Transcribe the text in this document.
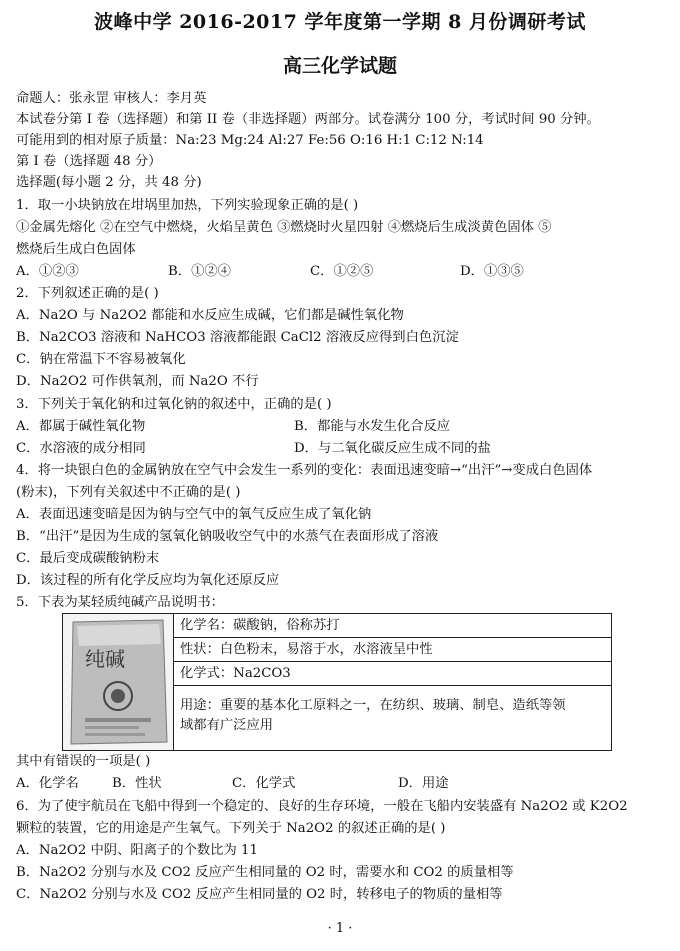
波峰中学 2016-2017 学年度第一学期 8 月份调研考试
高三化学试题
命题人：张永罡 审核人：李月英
本试卷分第 I 卷（选择题）和第 II 卷（非选择题）两部分。试卷满分 100 分，考试时间 90 分钟。
可能用到的相对原子质量：Na:23 Mg:24 Al:27 Fe:56 O:16 H:1 C:12 N:14
第 I 卷（选择题 48 分）
选择题(每小题 2 分，共 48 分)
1．取一小块钠放在坩埚里加热，下列实验现象正确的是( )
①金属先熔化 ②在空气中燃烧，火焰呈黄色 ③燃烧时火星四射 ④燃烧后生成淡黄色固体 ⑤
燃烧后生成白色固体
A．①②③	B．①②④	C．①②⑤	D．①③⑤
2．下列叙述正确的是( )
A．Na2O 与 Na2O2 都能和水反应生成碱，它们都是碱性氧化物
B．Na2CO3 溶液和 NaHCO3 溶液都能跟 CaCl2 溶液反应得到白色沉淀
C．钠在常温下不容易被氧化
D．Na2O2 可作供氧剂，而 Na2O 不行
3．下列关于氧化钠和过氧化钠的叙述中，正确的是( )
A．都属于碱性氧化物	B．都能与水发生化合反应
C．水溶液的成分相同	D．与二氧化碳反应生成不同的盐
4．将一块银白色的金属钠放在空气中会发生一系列的变化：表面迅速变暗→“出汗”→变成白色固体
(粉末)，下列有关叙述中不正确的是( )
A．表面迅速变暗是因为钠与空气中的氧气反应生成了氧化钠
B．“出汗”是因为生成的氢氧化钠吸收空气中的水蒸气在表面形成了溶液
C．最后变成碳酸钠粉末
D．该过程的所有化学反应均为氧化还原反应
5．下表为某轻质纯碱产品说明书：
纯碱
化学名：碳酸钠，俗称苏打
性状：白色粉末，易溶于水，水溶液呈中性
化学式：Na2CO3
用途：重要的基本化工原料之一，在纺织、玻璃、制皂、造纸等领
域都有广泛应用
其中有错误的一项是( )
A．化学名 B．性状	C．化学式	D．用途
6．为了使宇航员在飞船中得到一个稳定的、良好的生存环境，一般在飞船内安装盛有 Na2O2 或 K2O2
颗粒的装置，它的用途是产生氧气。下列关于 Na2O2 的叙述正确的是( )
A．Na2O2 中阴、阳离子的个数比为 11
B．Na2O2 分别与水及 CO2 反应产生相同量的 O2 时，需要水和 CO2 的质量相等
C．Na2O2 分别与水及 CO2 反应产生相同量的 O2 时，转移电子的物质的量相等
· 1 ·
